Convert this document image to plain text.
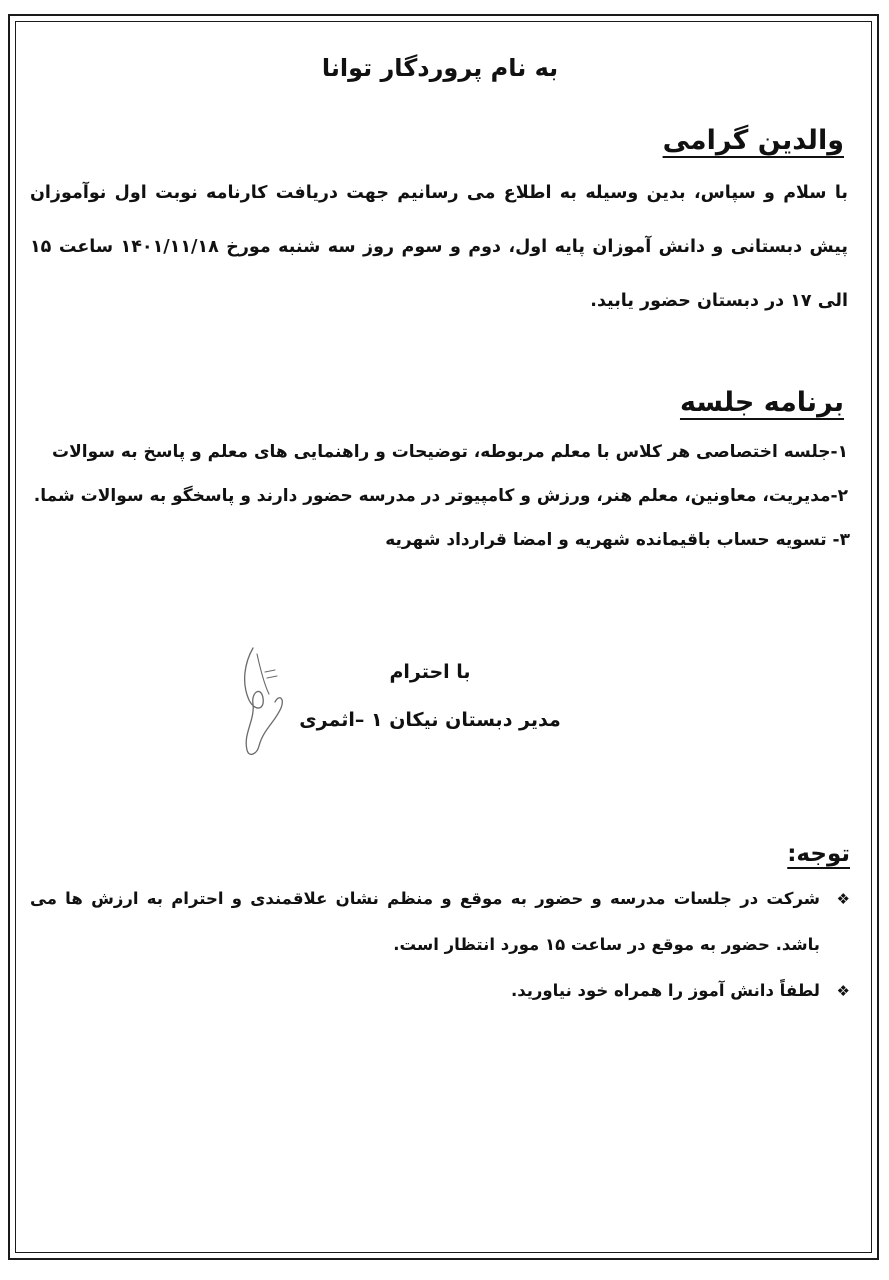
به نام پروردگار توانا
والدین گرامی

با سلام و سپاس، بدین وسیله به اطلاع می رسانیم جهت دریافت کارنامه نوبت اول نوآموزان پیش دبستانی و دانش آموزان پایه اول، دوم و سوم روز سه شنبه مورخ ۱۴۰۱/۱۱/۱۸ ساعت ۱۵ الی ۱۷ در دبستان حضور یابید.

برنامه جلسه
۱-جلسه اختصاصی هر کلاس با معلم مربوطه، توضیحات و راهنمایی های معلم و پاسخ به سوالات
۲-مدیریت، معاونین، معلم هنر، ورزش و کامپیوتر در مدرسه حضور دارند و پاسخگو به سوالات شما.
۳- تسویه حساب باقیمانده شهریه و امضا قرارداد شهریه
با احترام
مدیر دبستان نیکان ۱ –اثمری
توجه:
❖
شرکت در جلسات مدرسه و حضور به موقع و منظم نشان علاقمندی و احترام به ارزش ها می باشد. حضور به موقع در ساعت ۱۵ مورد انتظار است.
❖
لطفاً دانش آموز را همراه خود نیاورید.
